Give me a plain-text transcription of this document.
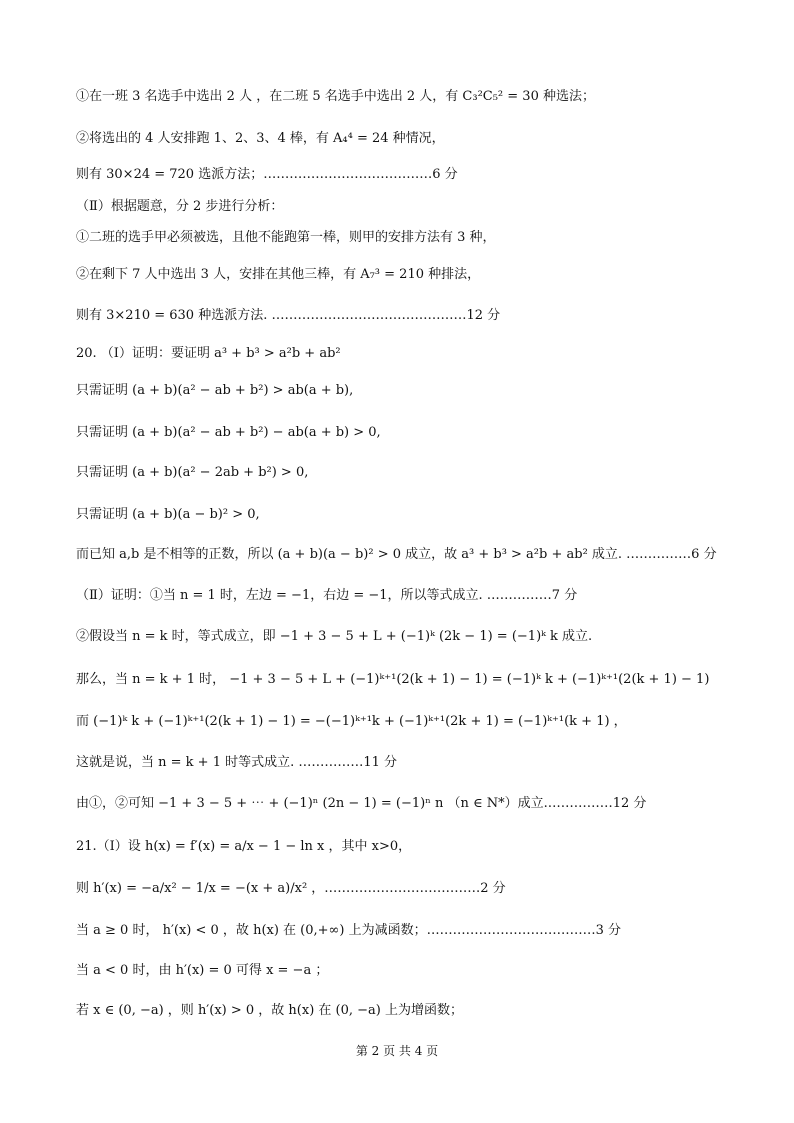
①在一班 3 名选手中选出 2 人 ，在二班 5 名选手中选出 2 人，有 C₃²C₅² = 30 种选法；
②将选出的 4 人安排跑 1、2、3、4 棒，有 A₄⁴ = 24 种情况，
则有 30×24 = 720 选派方法；…………………………………6 分
（Ⅱ）根据题意，分 2 步进行分析：
①二班的选手甲必须被选，且他不能跑第一棒，则甲的安排方法有 3 种，
②在剩下 7 人中选出 3 人，安排在其他三棒，有 A₇³ = 210 种排法，
则有 3×210 = 630 种选派方法. ………………………………………12 分
20. （Ⅰ）证明：要证明 a³ + b³ > a²b + ab²
只需证明 (a + b)(a² − ab + b²) > ab(a + b),
只需证明 (a + b)(a² − ab + b²) − ab(a + b) > 0,
只需证明 (a + b)(a² − 2ab + b²) > 0,
只需证明 (a + b)(a − b)² > 0,
而已知 a,b 是不相等的正数，所以 (a + b)(a − b)² > 0 成立，故 a³ + b³ > a²b + ab² 成立. ……………6 分
（Ⅱ）证明：①当 n = 1 时，左边 = −1，右边 = −1，所以等式成立. ……………7 分
②假设当 n = k 时，等式成立，即 −1 + 3 − 5 + L + (−1)ᵏ (2k − 1) = (−1)ᵏ k 成立.
那么，当 n = k + 1 时， −1 + 3 − 5 + L + (−1)ᵏ⁺¹(2(k + 1) − 1) = (−1)ᵏ k + (−1)ᵏ⁺¹(2(k + 1) − 1)
而 (−1)ᵏ k + (−1)ᵏ⁺¹(2(k + 1) − 1) = −(−1)ᵏ⁺¹k + (−1)ᵏ⁺¹(2k + 1) = (−1)ᵏ⁺¹(k + 1) ，
这就是说，当 n = k + 1 时等式成立. ……………11 分
由①，②可知 −1 + 3 − 5 + ⋯ + (−1)ⁿ (2n − 1) = (−1)ⁿ n （n ∈ N*）成立.……………12 分
21.（Ⅰ）设 h(x) = f′(x) = a/x − 1 − ln x ，其中 x>0，
则 h′(x) = −a/x² − 1/x = −(x + a)/x² ，………………………………2 分
当 a ≥ 0 时， h′(x) < 0 ，故 h(x) 在 (0,+∞) 上为减函数；…………………………………3 分
当 a < 0 时，由 h′(x) = 0 可得 x = −a ；
若 x ∈ (0, −a) ，则 h′(x) > 0 ，故 h(x) 在 (0, −a) 上为增函数；
第 2 页 共 4 页
